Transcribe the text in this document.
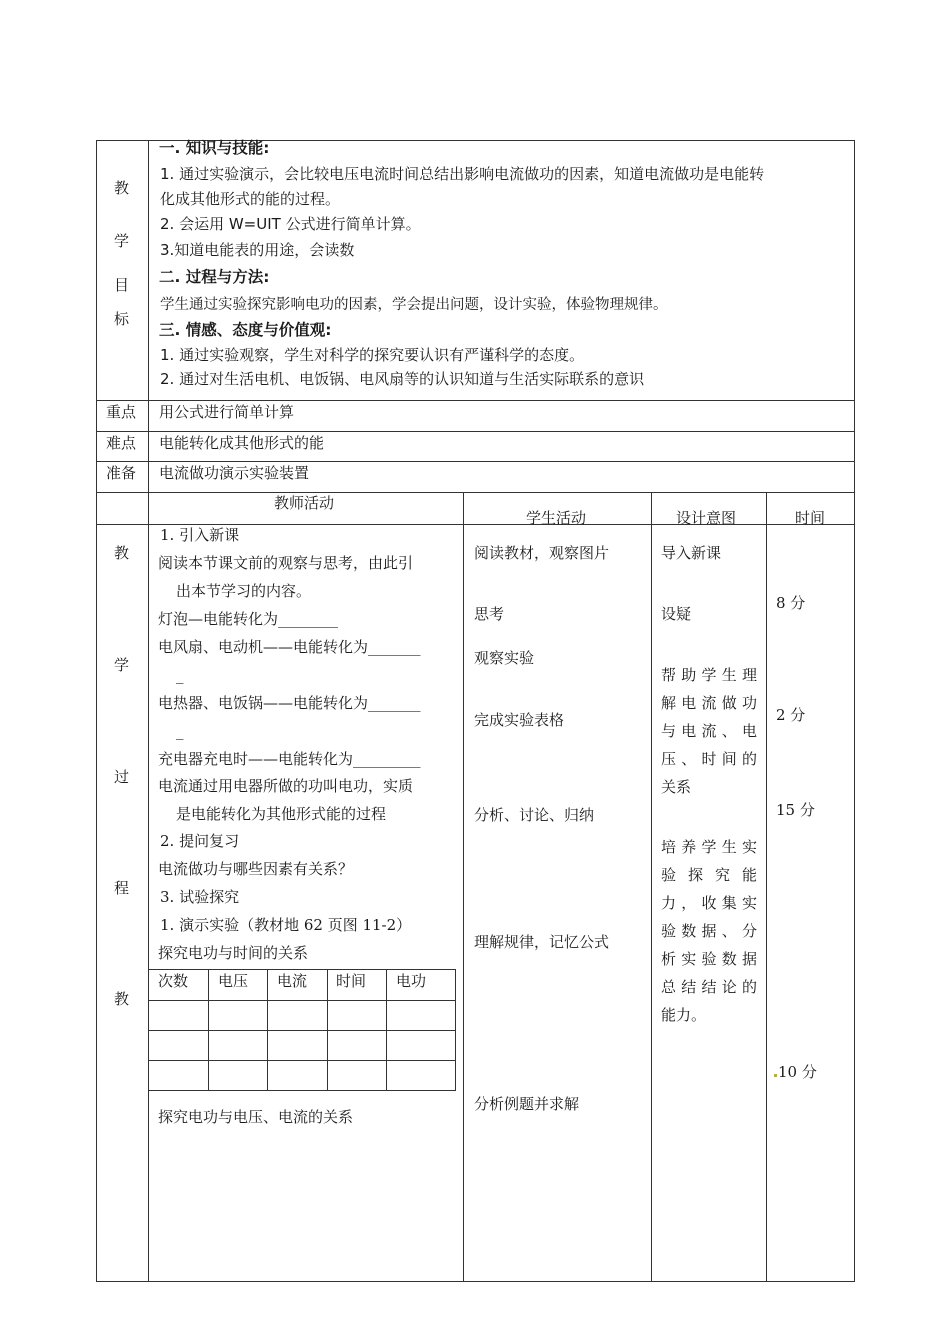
教
学
目
标
一. 知识与技能:
1. 通过实验演示，会比较电压电流时间总结出影响电流做功的因素，知道电流做功是电能转
化成其他形式的能的过程。
2. 会运用 W=UIT 公式进行简单计算。
3.知道电能表的用途，会读数
二. 过程与方法:
学生通过实验探究影响电功的因素，学会提出问题，设计实验，体验物理规律。
三. 情感、态度与价值观:
1. 通过实验观察，学生对科学的探究要认识有严谨科学的态度。
2. 通过对生活电机、电饭锅、电风扇等的认识知道与生活实际联系的意识
重点 用公式进行简单计算
难点 电能转化成其他形式的能
准备 电流做功演示实验装置
教师活动
学生活动	设计意图	时间
教
学
过
程
教
1. 引入新课
阅读本节课文前的观察与思考，由此引
出本节学习的内容。
灯泡—电能转化为________
电风扇、电动机——电能转化为_______
_
电热器、电饭锅——电能转化为_______
_
充电器充电时——电能转化为_________
电流通过用电器所做的功叫电功，实质
是电能转化为其他形式能的过程
2. 提问复习
电流做功与哪些因素有关系？
3. 试验探究
1. 演示实验（教材地 62 页图 11-2）
探究电功与时间的关系
次数 电压 电流 时间 电功
探究电功与电压、电流的关系
阅读教材，观察图片
思考
观察实验
完成实验表格
分析、讨论、归纳
理解规律，记忆公式
分析例题并求解
导入新课
设疑
帮助学生理
解电流做功
与电流、电
压、时间的
关系
培养学生实
验探究能
力，收集实
验数据、分
析实验数据
总结结论的
能力。
8 分
2 分
15 分
10 分
